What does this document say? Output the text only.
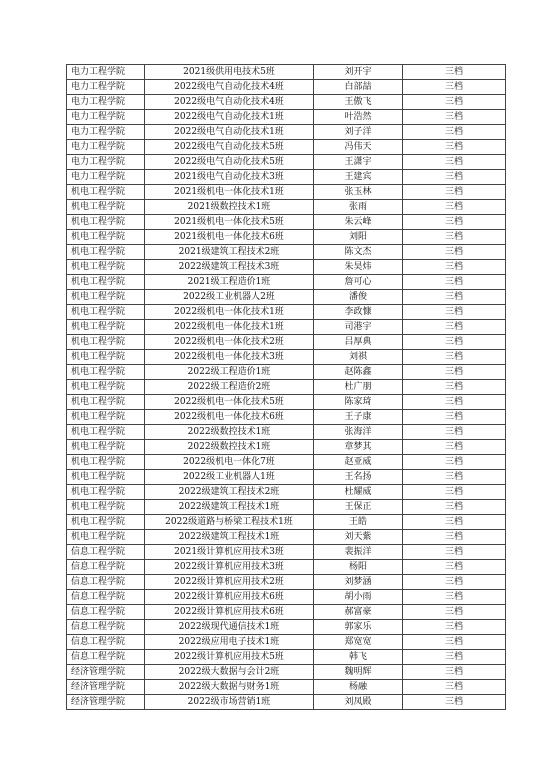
电力工程学院	2021级供用电技术5班	刘开宇	三档
电力工程学院	2022级电气自动化技术4班	白部喆	三档
电力工程学院	2022级电气自动化技术4班	王傲飞	三档
电力工程学院	2022级电气自动化技术1班	叶浩然	三档
电力工程学院	2022级电气自动化技术1班	刘子洋	三档
电力工程学院	2022级电气自动化技术5班	冯伟天	三档
电力工程学院	2022级电气自动化技术5班	王潇宇	三档
电力工程学院	2021级电气自动化技术3班	王建宾	三档
机电工程学院	2021级机电一体化技术1班	张玉林	三档
机电工程学院	2021级数控技术1班	张雨	三档
机电工程学院	2021级机电一体化技术5班	朱云峰	三档
机电工程学院	2021级机电一体化技术6班	刘阳	三档
机电工程学院	2021级建筑工程技术2班	陈文杰	三档
机电工程学院	2022级建筑工程技术3班	朱昊炜	三档
机电工程学院	2021级工程造价1班	詹可心	三档
机电工程学院	2022级工业机器人2班	潘俊	三档
机电工程学院	2022级机电一体化技术1班	李政慷	三档
机电工程学院	2022级机电一体化技术1班	司港宇	三档
机电工程学院	2022级机电一体化技术2班	吕厚典	三档
机电工程学院	2022级机电一体化技术3班	刘祺	三档
机电工程学院	2022级工程造价1班	赵陈鑫	三档
机电工程学院	2022级工程造价2班	杜广朋	三档
机电工程学院	2022级机电一体化技术5班	陈家琦	三档
机电工程学院	2022级机电一体化技术6班	王子康	三档
机电工程学院	2022级数控技术1班	张海洋	三档
机电工程学院	2022级数控技术1班	章梦其	三档
机电工程学院	2022级机电一体化7班	赵亚威	三档
机电工程学院	2022级工业机器人1班	王名扬	三档
机电工程学院	2022级建筑工程技术2班	杜耀威	三档
机电工程学院	2022级建筑工程技术1班	王保正	三档
机电工程学院	2022级道路与桥梁工程技术1班	王皓	三档
机电工程学院	2022级建筑工程技术1班	刘天紫	三档
信息工程学院	2021级计算机应用技术3班	裴振洋	三档
信息工程学院	2022级计算机应用技术3班	杨阳	三档
信息工程学院	2022级计算机应用技术2班	刘梦涵	三档
信息工程学院	2022级计算机应用技术6班	胡小雨	三档
信息工程学院	2022级计算机应用技术6班	郝富豪	三档
信息工程学院	2022级现代通信技术1班	郭家乐	三档
信息工程学院	2022级应用电子技术1班	郑宽宽	三档
信息工程学院	2022级计算机应用技术5班	韩飞	三档
经济管理学院	2022级大数据与会计2班	魏明辉	三档
经济管理学院	2022级大数据与财务1班	杨融	三档
经济管理学院	2022级市场营销1班	刘凤殿	三档
